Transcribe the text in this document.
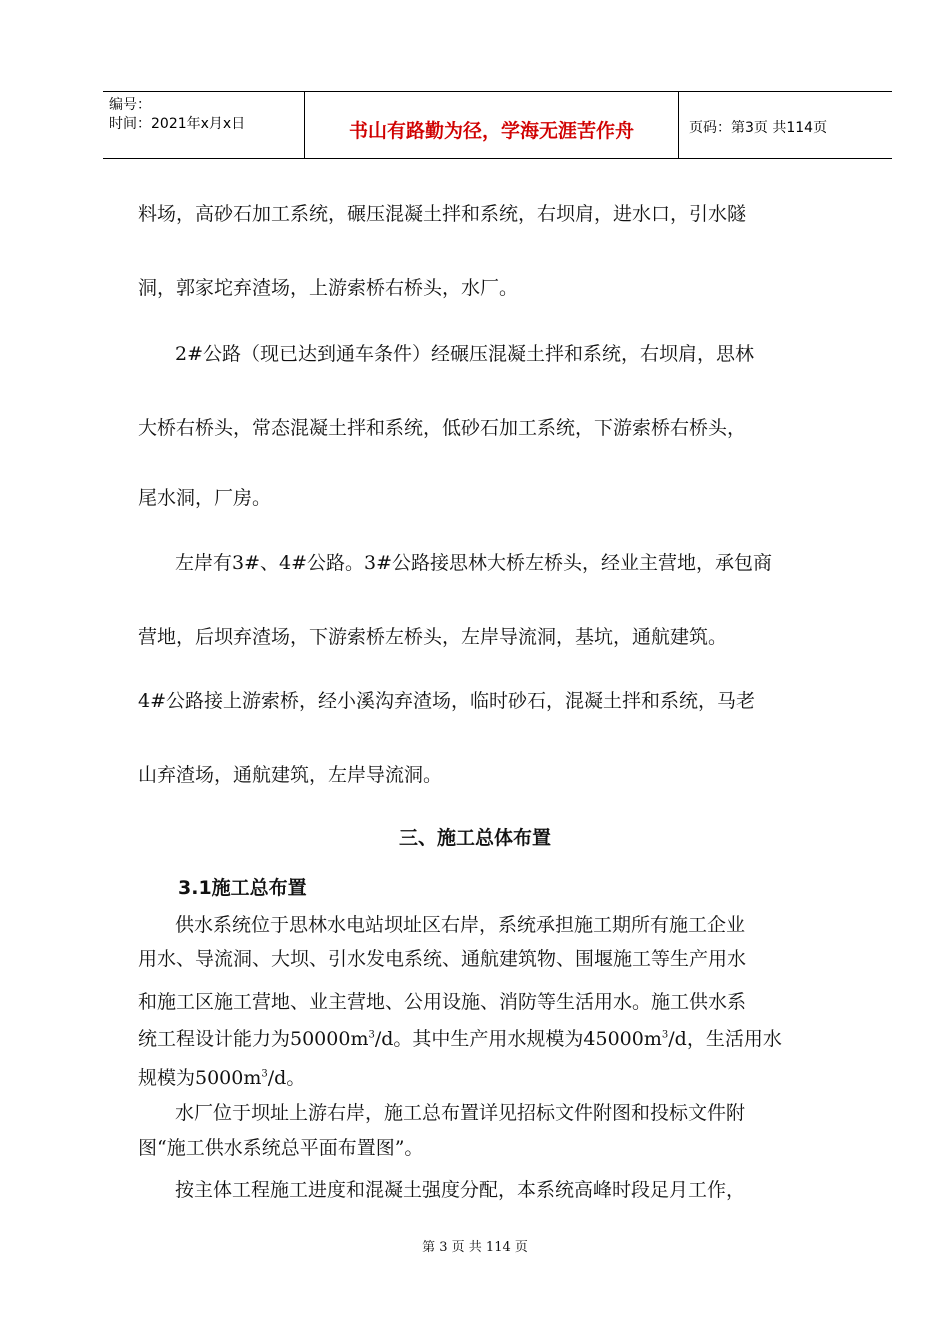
编号：
时间：2021年x月x日	书山有路勤为径，学海无涯苦作舟	页码：第3页 共114页
料场，高砂石加工系统，碾压混凝土拌和系统，右坝肩，进水口，引水隧
洞，郭家坨弃渣场，上游索桥右桥头，水厂。
2#公路（现已达到通车条件）经碾压混凝土拌和系统，右坝肩，思林
大桥右桥头，常态混凝土拌和系统，低砂石加工系统，下游索桥右桥头，
尾水洞，厂房。
左岸有3#、4#公路。3#公路接思林大桥左桥头，经业主营地，承包商
营地，后坝弃渣场，下游索桥左桥头，左岸导流洞，基坑，通航建筑。
4#公路接上游索桥，经小溪沟弃渣场，临时砂石，混凝土拌和系统，马老
山弃渣场，通航建筑，左岸导流洞。
三、施工总体布置
3.1施工总布置
供水系统位于思林水电站坝址区右岸，系统承担施工期所有施工企业
用水、导流洞、大坝、引水发电系统、通航建筑物、围堰施工等生产用水
和施工区施工营地、业主营地、公用设施、消防等生活用水。施工供水系
统工程设计能力为$50000m^3/d$。其中生产用水规模为$45000m^3/d$，生活用水
规模为$5000m^3/d$。
水厂位于坝址上游右岸，施工总布置详见招标文件附图和投标文件附
图“施工供水系统总平面布置图”。
按主体工程施工进度和混凝土强度分配，本系统高峰时段足月工作，
第 3 页 共 114 页
